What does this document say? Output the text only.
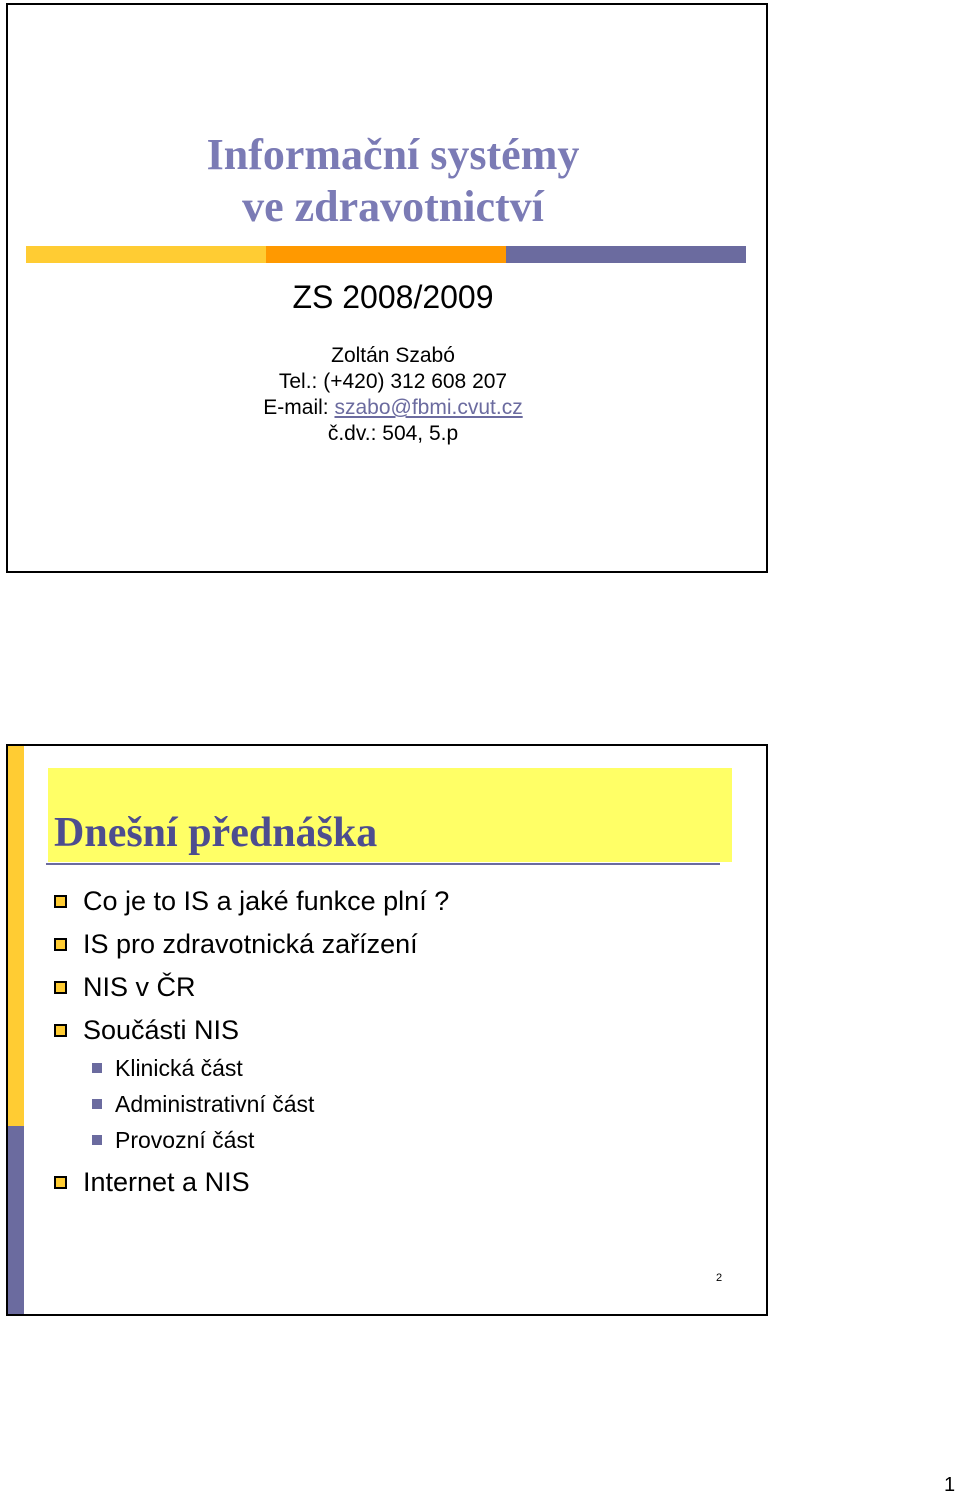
Informační systémy
ve zdravotnictví
ZS 2008/2009
Zoltán Szabó
Tel.: (+420) 312 608 207
E-mail: szabo@fbmi.cvut.cz
č.dv.: 504, 5.p
Dnešní přednáška
Co je to IS a jaké funkce plní ?
IS pro zdravotnická zařízení
NIS v ČR
Součásti NIS
Klinická část
Administrativní část
Provozní část
Internet a NIS
2
1
